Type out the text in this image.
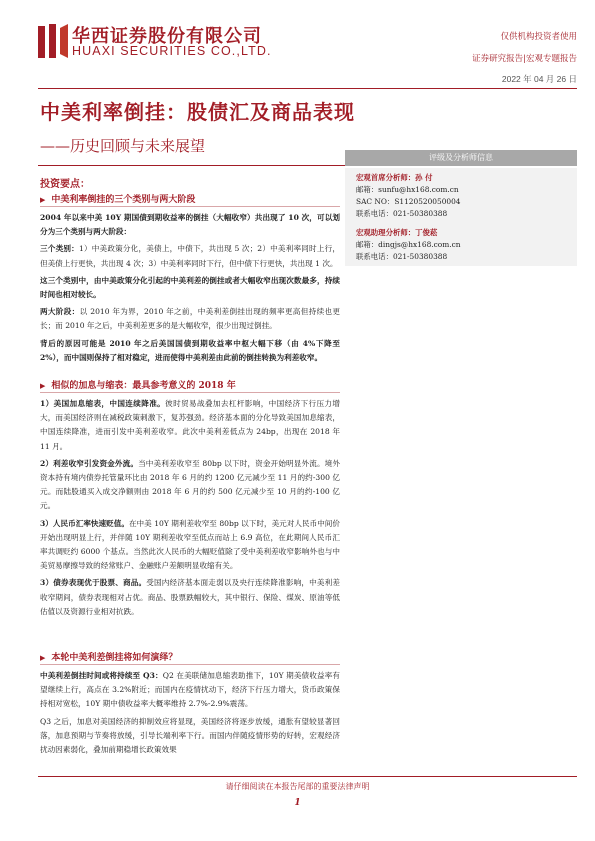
华西证券股份有限公司
HUAXI SECURITIES CO.,LTD.
仅供机构投资者使用
证券研究报告|宏观专题报告
2022 年 04 月 26 日
中美利率倒挂：股债汇及商品表现
——历史回顾与未来展望
评级及分析师信息
宏观首席分析师：孙 付
邮箱：sunfu@hx168.com.cn
SAC NO：S1120520050004
联系电话：021-50380388
宏观助理分析师：丁俊菘
邮箱：dingjs@hx168.com.cn
联系电话：021-50380388
投资要点：
▶ 中美利率倒挂的三个类别与两大阶段

2004 年以来中美 10Y 期国债到期收益率的倒挂（大幅收窄）共出现了 10 次，可以划分为三个类别与两大阶段：

三个类别：1）中美政策分化，美债上，中债下，共出现 5 次；2）中美利率同时上行，但美债上行更快，共出现 4 次；3）中美利率同时下行，但中债下行更快，共出现 1 次。

这三个类别中，由中美政策分化引起的中美利差的倒挂或者大幅收窄出现次数最多，持续时间也相对较长。

两大阶段：以 2010 年为界，2010 年之前，中美利差倒挂出现的频率更高但持续也更长；而 2010 年之后，中美利差更多的是大幅收窄，很少出现过倒挂。

背后的原因可能是 2010 年之后美国国债到期收益率中枢大幅下移（由 4%下降至 2%），而中国则保持了相对稳定，进而使得中美利差由此前的倒挂转换为利差收窄。

▶ 相似的加息与缩表：最具参考意义的 2018 年

1）美国加息缩表，中国连续降准。彼时贸易战叠加去杠杆影响，中国经济下行压力增大，而美国经济则在减税政策刺激下，复苏强劲。经济基本面的分化导致美国加息缩表，中国连续降准，进而引发中美利差收窄。此次中美利差低点为 24bp，出现在 2018 年 11 月。

2）利差收窄引发资金外流。当中美利差收窄至 80bp 以下时，资金开始明显外流。境外资本持有境内债券托管量环比由 2018 年 6 月的约 1200 亿元减少至 11 月的约-300 亿元。而陆股通买入成交净额则由 2018 年 6 月的约 500 亿元减少至 10 月的约-100 亿元。

3）人民币汇率快速贬值。在中美 10Y 期利差收窄至 80bp 以下时，美元对人民币中间价开始出现明显上行，并伴随 10Y 期利差收窄至低点而站上 6.9 高位，在此期间人民币汇率共调贬约 6000 个基点。当然此次人民币的大幅贬值除了受中美利差收窄影响外也与中美贸易摩擦导致的经常账户、金融账户差额明显收缩有关。

3）债券表现优于股票、商品。受国内经济基本面走弱以及央行连续降准影响，中美利差收窄期间，债券表现相对占优。商品、股票跌幅较大，其中银行、保险、煤炭、原油等低估值以及资源行业相对抗跌。

▶ 本轮中美利差倒挂将如何演绎？

中美利差倒挂时间或将持续至 Q3：Q2 在美联储加息缩表助推下，10Y 期美债收益率有望继续上行，高点在 3.2%附近；而国内在疫情扰动下，经济下行压力增大，货币政策保持相对宽松，10Y 期中债收益率大概率维持 2.7%-2.9%震荡。

Q3 之后，加息对美国经济的抑制效应将显现，美国经济将逐步放缓，通胀有望较显著回落，加息预期与节奏将放缓，引导长端利率下行。而国内伴随疫情形势的好转，宏观经济扰动因素弱化，叠加前期稳增长政策效果

请仔细阅读在本报告尾部的重要法律声明
1
